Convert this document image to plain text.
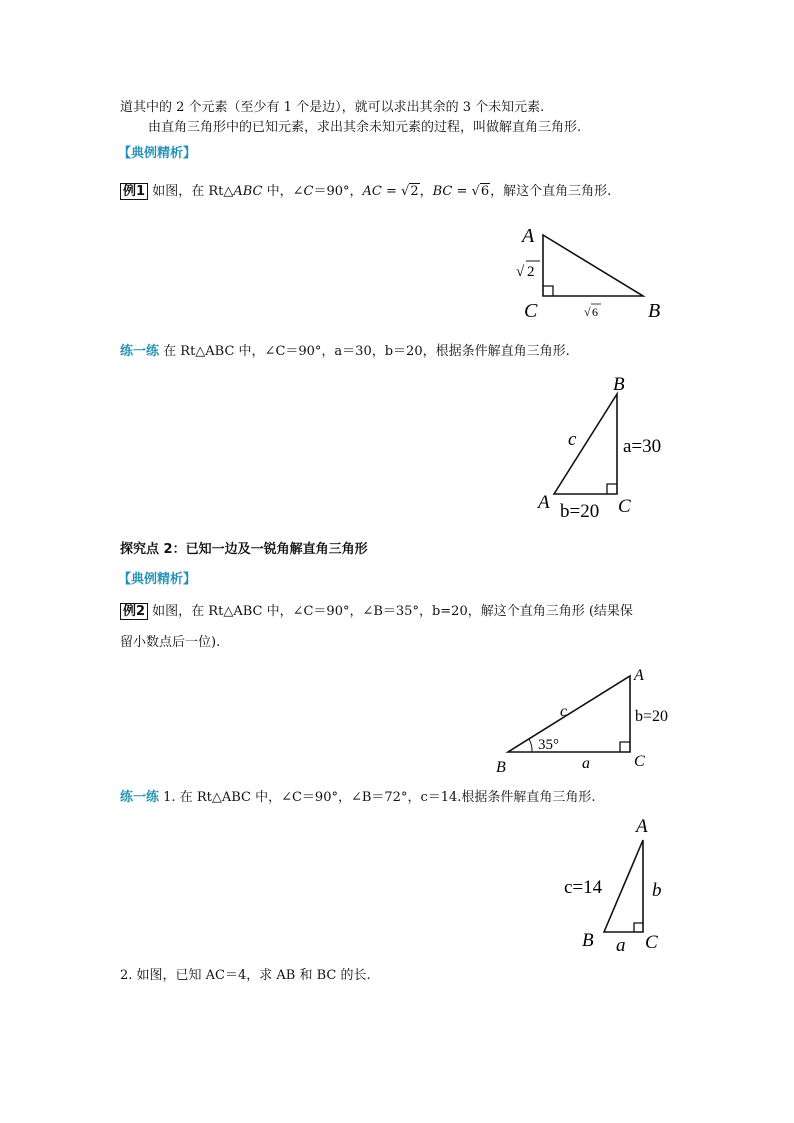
道其中的 2 个元素（至少有 1 个是边），就可以求出其余的 3 个未知元素.
由直角三角形中的已知元素，求出其余未知元素的过程，叫做解直角三角形.
【典例精析】
例1 如图，在 Rt△ABC 中，∠C＝90°，AC = √2，BC = √6，解这个直角三角形.
A
C	B
√ 2
√ 6
练一练 在 Rt△ABC 中，∠C＝90°，a＝30，b＝20，根据条件解直角三角形.
B
A	C
c a=30
b=20
探究点 2：已知一边及一锐角解直角三角形
【典例精析】
例2 如图，在 Rt△ABC 中，∠C＝90°，∠B＝35°，b=20，解这个直角三角形 (结果保
留小数点后一位).
A
B	C
c	b=20
a
35°
练一练 1. 在 Rt△ABC 中，∠C＝90°，∠B＝72°，c＝14.根据条件解直角三角形.
A
B	C
c=14	b
a
2. 如图，已知 AC＝4，求 AB 和 BC 的长.
